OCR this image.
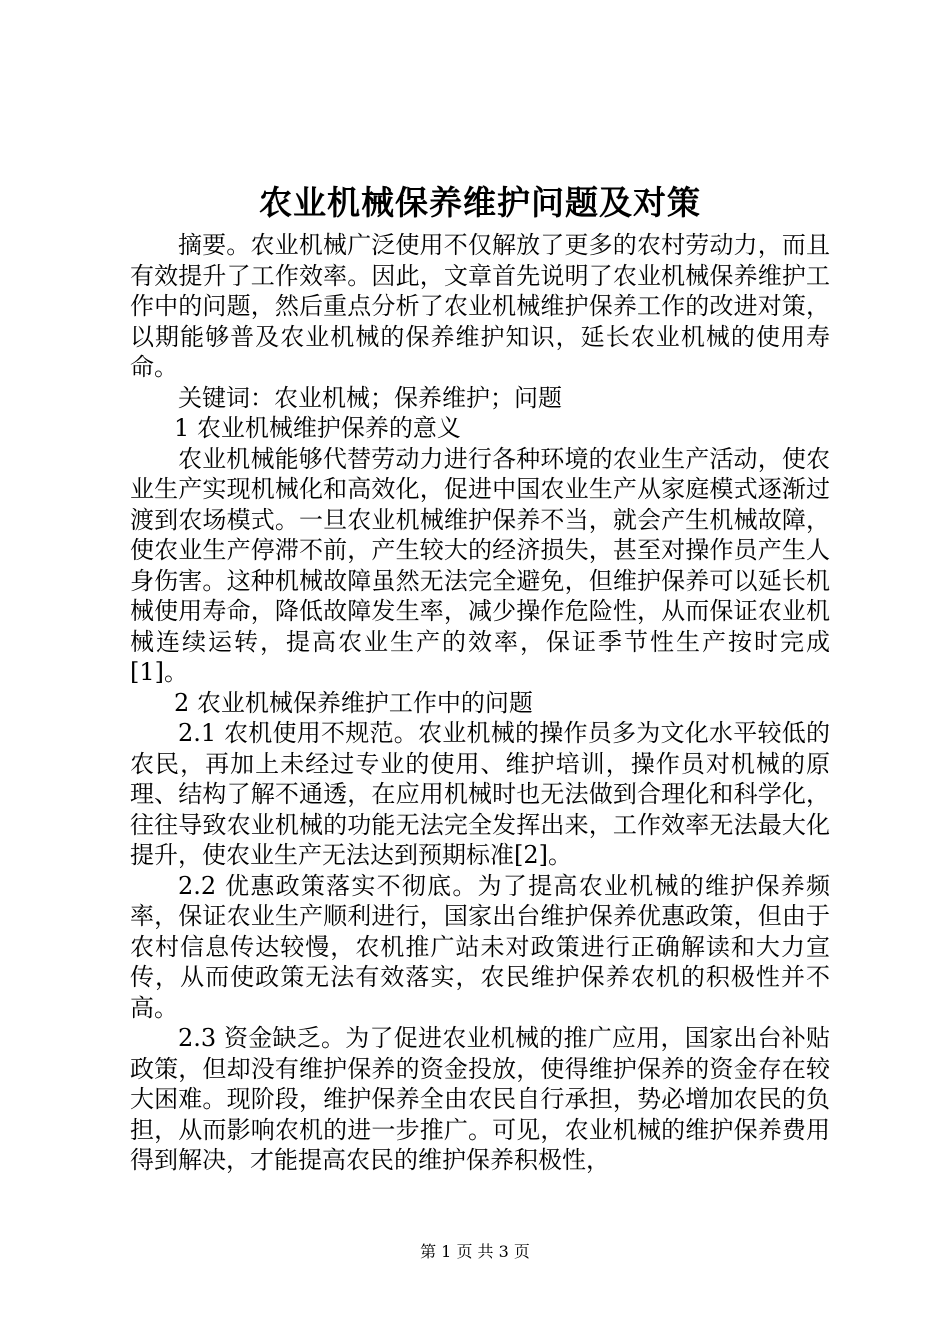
农业机械保养维护问题及对策

摘要。农业机械广泛使用不仅解放了更多的农村劳动力，而且有效提升了工作效率。因此，文章首先说明了农业机械保养维护工作中的问题，然后重点分析了农业机械维护保养工作的改进对策，以期能够普及农业机械的保养维护知识，延长农业机械的使用寿命。

关键词：农业机械；保养维护；问题

1 农业机械维护保养的意义

农业机械能够代替劳动力进行各种环境的农业生产活动，使农业生产实现机械化和高效化，促进中国农业生产从家庭模式逐渐过渡到农场模式。一旦农业机械维护保养不当，就会产生机械故障，使农业生产停滞不前，产生较大的经济损失，甚至对操作员产生人身伤害。这种机械故障虽然无法完全避免，但维护保养可以延长机械使用寿命，降低故障发生率，减少操作危险性，从而保证农业机械连续运转，提高农业生产的效率，保证季节性生产按时完成[1]。

2 农业机械保养维护工作中的问题

2.1 农机使用不规范。农业机械的操作员多为文化水平较低的农民，再加上未经过专业的使用、维护培训，操作员对机械的原理、结构了解不通透，在应用机械时也无法做到合理化和科学化，往往导致农业机械的功能无法完全发挥出来，工作效率无法最大化提升，使农业生产无法达到预期标准[2]。

2.2 优惠政策落实不彻底。为了提高农业机械的维护保养频率，保证农业生产顺利进行，国家出台维护保养优惠政策，但由于农村信息传达较慢，农机推广站未对政策进行正确解读和大力宣传，从而使政策无法有效落实，农民维护保养农机的积极性并不高。

2.3 资金缺乏。为了促进农业机械的推广应用，国家出台补贴政策，但却没有维护保养的资金投放，使得维护保养的资金存在较大困难。现阶段，维护保养全由农民自行承担，势必增加农民的负担，从而影响农机的进一步推广。可见，农业机械的维护保养费用得到解决，才能提高农民的维护保养积极性，

第 1 页 共 3 页
